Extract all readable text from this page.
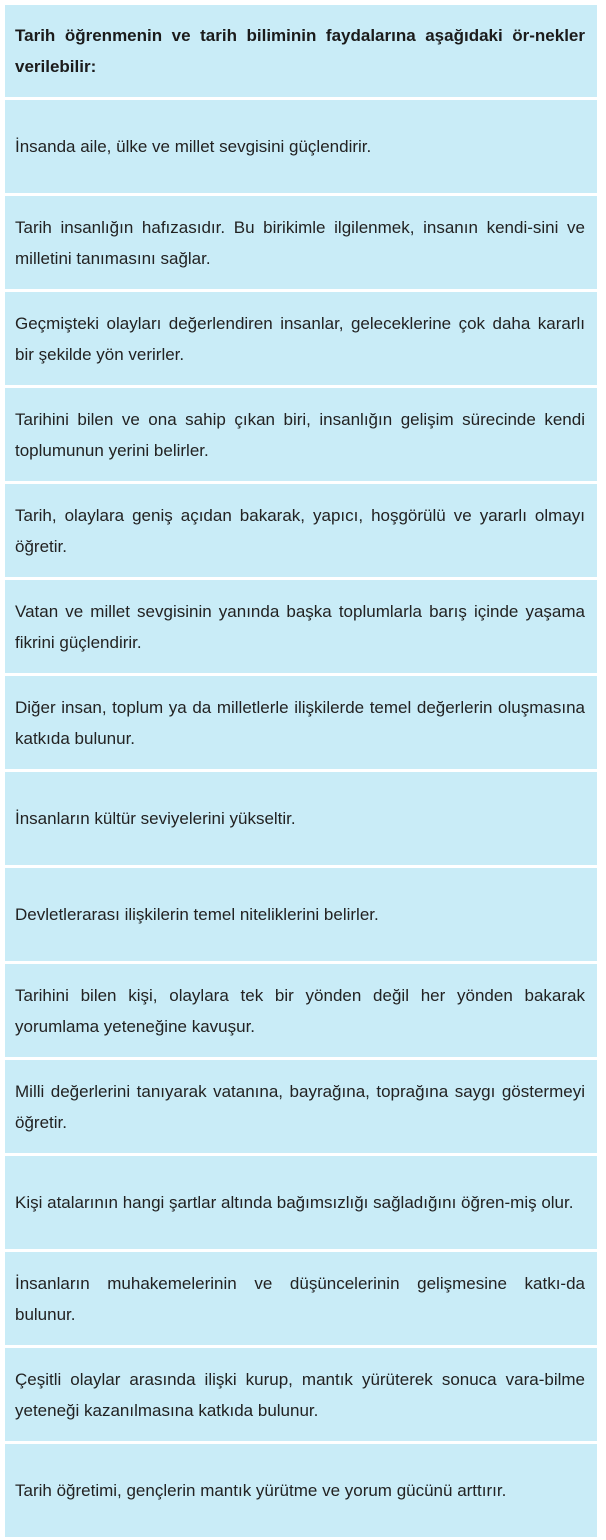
Tarih öğrenmenin ve tarih biliminin faydalarına aşağıdaki ör-nekler verilebilir:
İnsanda aile, ülke ve millet sevgisini güçlendirir.
Tarih insanlığın hafızasıdır. Bu birikimle ilgilenmek, insanın kendi-sini ve milletini tanımasını sağlar.
Geçmişteki olayları değerlendiren insanlar, geleceklerine çok daha kararlı bir şekilde yön verirler.
Tarihini bilen ve ona sahip çıkan biri, insanlığın gelişim sürecinde kendi toplumunun yerini belirler.
Tarih, olaylara geniş açıdan bakarak, yapıcı, hoşgörülü ve yararlı olmayı öğretir.
Vatan ve millet sevgisinin yanında başka toplumlarla barış içinde yaşama fikrini güçlendirir.
Diğer insan, toplum ya da milletlerle ilişkilerde temel değerlerin oluşmasına katkıda bulunur.
İnsanların kültür seviyelerini yükseltir.
Devletlerarası ilişkilerin temel niteliklerini belirler.
Tarihini bilen kişi, olaylara tek bir yönden değil her yönden bakarak yorumlama yeteneğine kavuşur.
Milli değerlerini tanıyarak vatanına, bayrağına, toprağına saygı göstermeyi öğretir.
Kişi atalarının hangi şartlar altında bağımsızlığı sağladığını öğren-miş olur.
İnsanların muhakemelerinin ve düşüncelerinin gelişmesine katkı-da bulunur.
Çeşitli olaylar arasında ilişki kurup, mantık yürüterek sonuca vara-bilme yeteneği kazanılmasına katkıda bulunur.
Tarih öğretimi, gençlerin mantık yürütme ve yorum gücünü arttırır.
